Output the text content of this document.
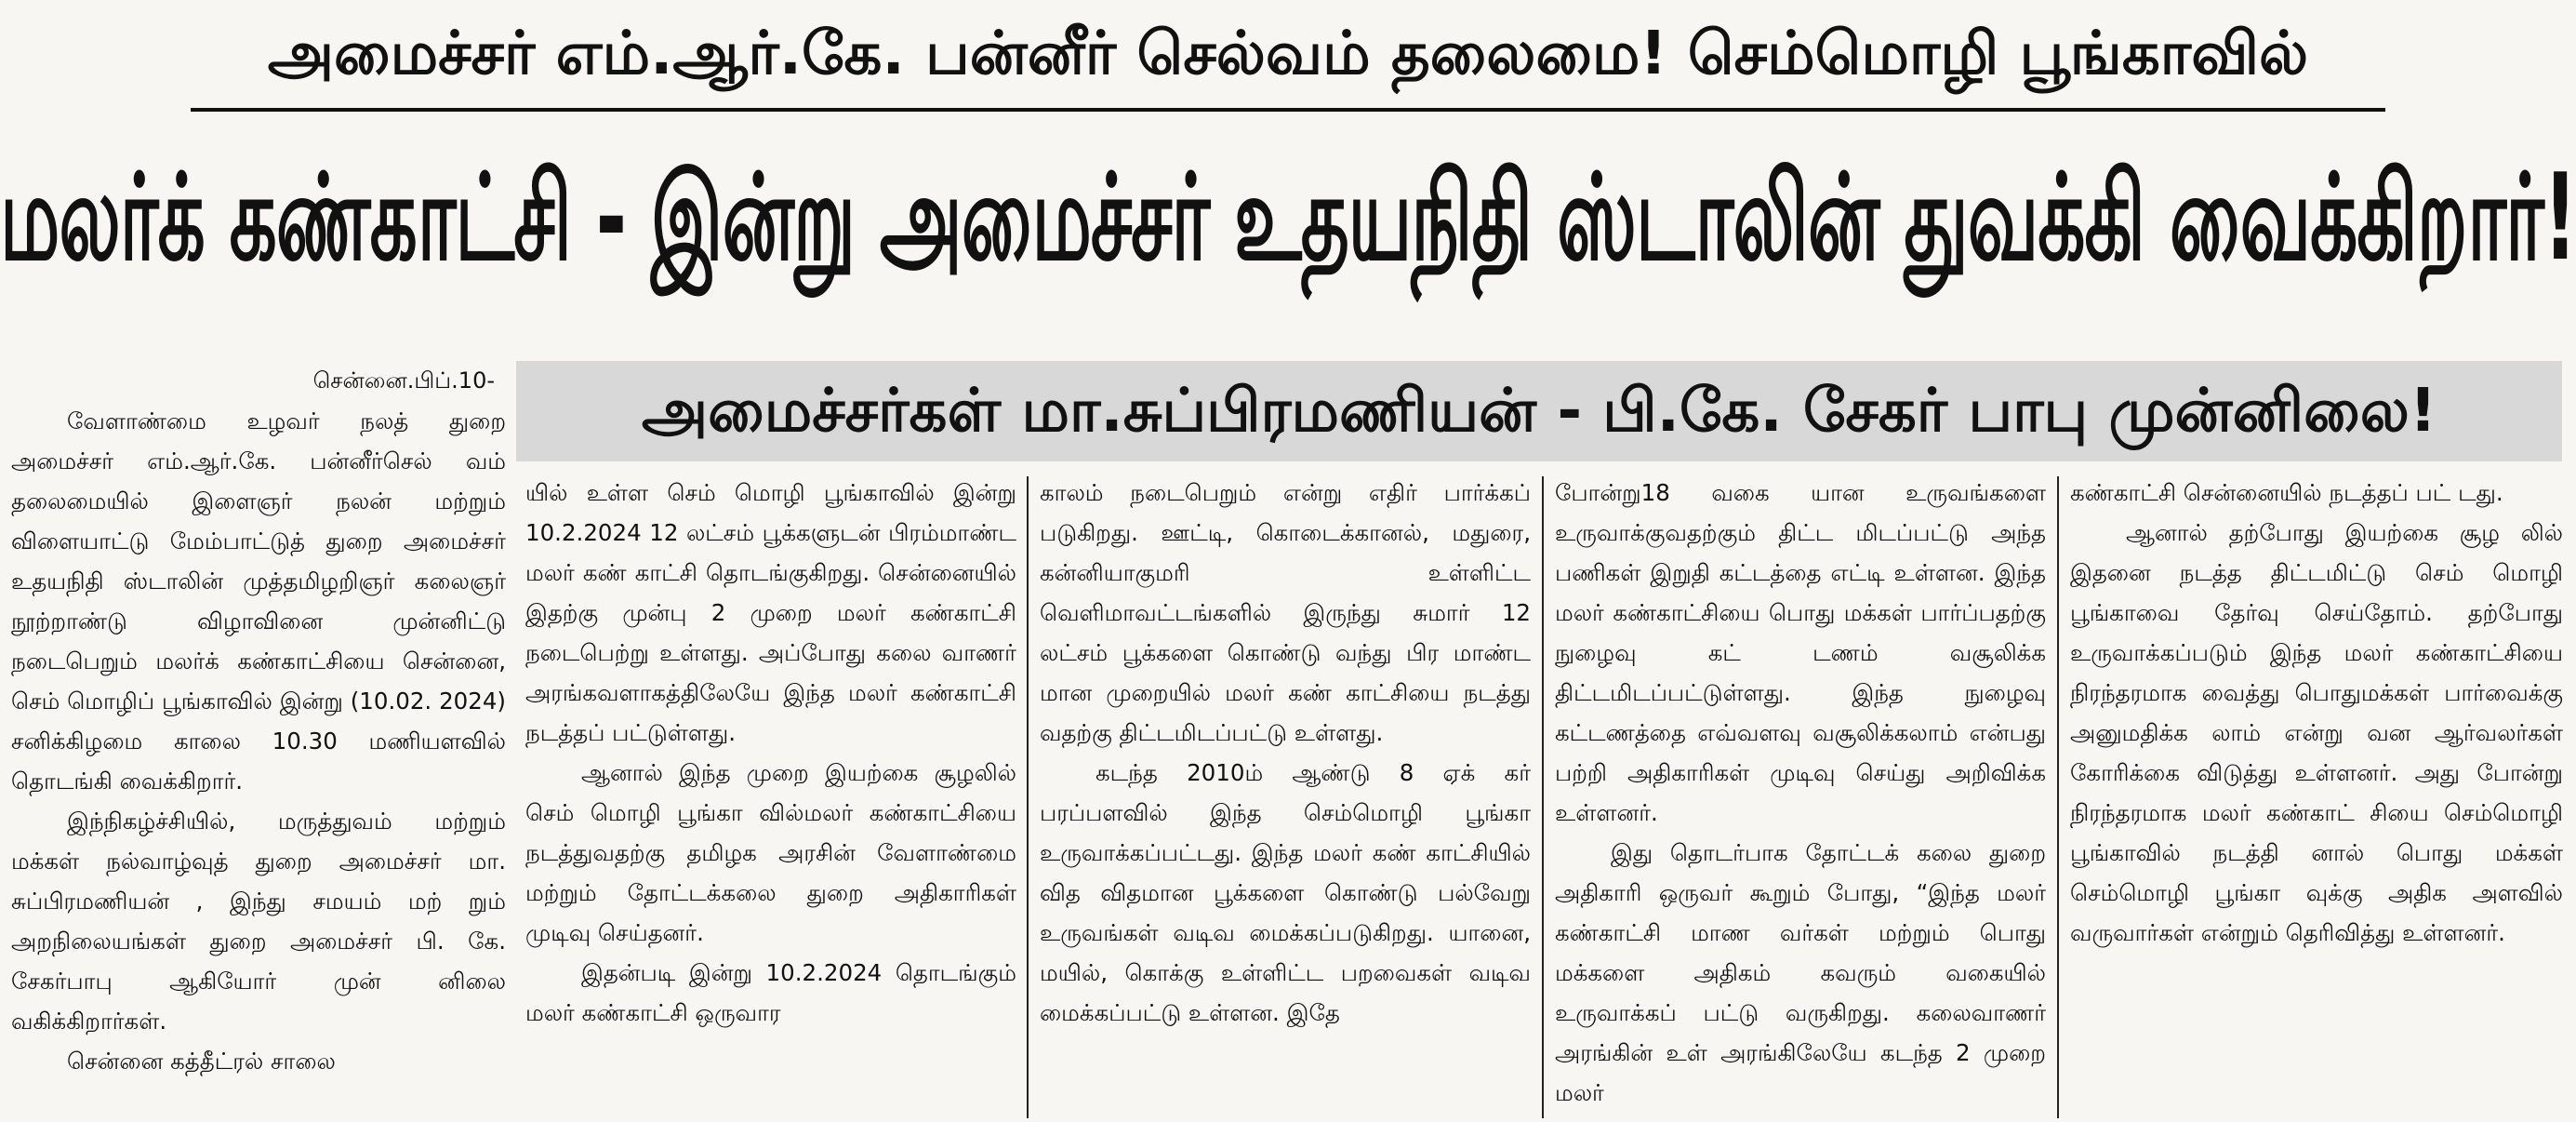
அமைச்சர் எம்.ஆர்.கே. பன்னீர் செல்வம் தலைமை! செம்மொழி பூங்காவில்
மலர்க் கண்காட்சி - இன்று அமைச்சர் உதயநிதி ஸ்டாலின் துவக்கி வைக்கிறார்!
அமைச்சர்கள் மா.சுப்பிரமணியன் - பி.கே. சேகர் பாபு முன்னிலை!

சென்னை.பிப்.10-

வேளாண்மை உழவர் நலத் துறை அமைச்சர் எம்.ஆர்.கே. பன்னீர்செல் வம் தலைமையில் இளைஞர் நலன் மற்றும் விளையாட்டு மேம்பாட்டுத் துறை அமைச்சர் உதயநிதி ஸ்டாலின் முத்தமிழறிஞர் கலைஞர் நூற்றாண்டு விழாவினை முன்னிட்டு நடைபெறும் மலர்க் கண்காட்சியை சென்னை, செம் மொழிப் பூங்காவில் இன்று (10.02. 2024) சனிக்கிழமை காலை 10.30 மணியளவில் தொடங்கி வைக்கிறார்.

இந்நிகழ்ச்சியில், மருத்துவம் மற்றும் மக்கள் நல்வாழ்வுத் துறை அமைச்சர் மா. சுப்பிரமணியன் , இந்து சமயம் மற் றும் அறநிலையங்கள் துறை அமைச்சர் பி. கே. சேகர்பாபு ஆகியோர் முன் னிலை வகிக்கிறார்கள்.

சென்னை கத்தீட்ரல் சாலை

யில் உள்ள செம் மொழி பூங்காவில் இன்று 10.2.2024 12 லட்சம் பூக்களுடன் பிரம்மாண்ட மலர் கண் காட்சி தொடங்குகிறது. சென்னையில் இதற்கு முன்பு 2 முறை மலர் கண்காட்சி நடைபெற்று உள்ளது. அப்போது கலை வாணர் அரங்கவளாகத்திலேயே இந்த மலர் கண்காட்சி நடத்தப் பட்டுள்ளது.

ஆனால் இந்த முறை இயற்கை சூழலில் செம் மொழி பூங்கா வில்மலர் கண்காட்சியை நடத்துவதற்கு தமிழக அரசின் வேளாண்மை மற்றும் தோட்டக்கலை துறை அதிகாரிகள் முடிவு செய்தனர்.

இதன்படி இன்று 10.2.2024 தொடங்கும் மலர் கண்காட்சி ஒருவார

காலம் நடைபெறும் என்று எதிர் பார்க்கப் படுகிறது. ஊட்டி, கொடைக்கானல், மதுரை, கன்னியாகுமரி உள்ளிட்ட வெளிமாவட்டங்களில் இருந்து சுமார் 12 லட்சம் பூக்களை கொண்டு வந்து பிர மாண்ட மான முறையில் மலர் கண் காட்சியை நடத்து வதற்கு திட்டமிடப்பட்டு உள்ளது.

கடந்த 2010ம் ஆண்டு 8 ஏக் கர் பரப்பளவில் இந்த செம்மொழி பூங்கா உருவாக்கப்பட்டது. இந்த மலர் கண் காட்சியில் வித விதமான பூக்களை கொண்டு பல்வேறு உருவங்கள் வடிவ மைக்கப்படுகிறது. யானை, மயில், கொக்கு உள்ளிட்ட பறவைகள் வடிவ மைக்கப்பட்டு உள்ளன. இதே

போன்று18 வகை யான உருவங்களை உருவாக்குவதற்கும் திட்ட மிடப்பட்டு அந்த பணிகள் இறுதி கட்டத்தை எட்டி உள்ளன. இந்த மலர் கண்காட்சியை பொது மக்கள் பார்ப்பதற்கு நுழைவு கட் டணம் வசூலிக்க திட்டமிடப்பட்டுள்ளது. இந்த நுழைவு கட்டணத்தை எவ்வளவு வசூலிக்கலாம் என்பது பற்றி அதிகாரிகள் முடிவு செய்து அறிவிக்க உள்ளனர்.

இது தொடர்பாக தோட்டக் கலை துறை அதிகாரி ஒருவர் கூறும் போது, “இந்த மலர் கண்காட்சி மாண வர்கள் மற்றும் பொது மக்களை அதிகம் கவரும் வகையில் உருவாக்கப் பட்டு வருகிறது. கலைவாணர் அரங்கின் உள் அரங்கிலேயே கடந்த 2 முறை மலர்

கண்காட்சி சென்னையில் நடத்தப் பட் டது.

ஆனால் தற்போது இயற்கை சூழ லில் இதனை நடத்த திட்டமிட்டு செம் மொழி பூங்காவை தேர்வு செய்தோம். தற்போது உருவாக்கப்படும் இந்த மலர் கண்காட்சியை நிரந்தரமாக வைத்து பொதுமக்கள் பார்வைக்கு அனுமதிக்க லாம் என்று வன ஆர்வலர்கள் கோரிக்கை விடுத்து உள்ளனர். அது போன்று நிரந்தரமாக மலர் கண்காட் சியை செம்மொழி பூங்காவில் நடத்தி னால் பொது மக்கள் செம்மொழி பூங்கா வுக்கு அதிக அளவில் வருவார்கள் என்றும் தெரிவித்து உள்ளனர்.
